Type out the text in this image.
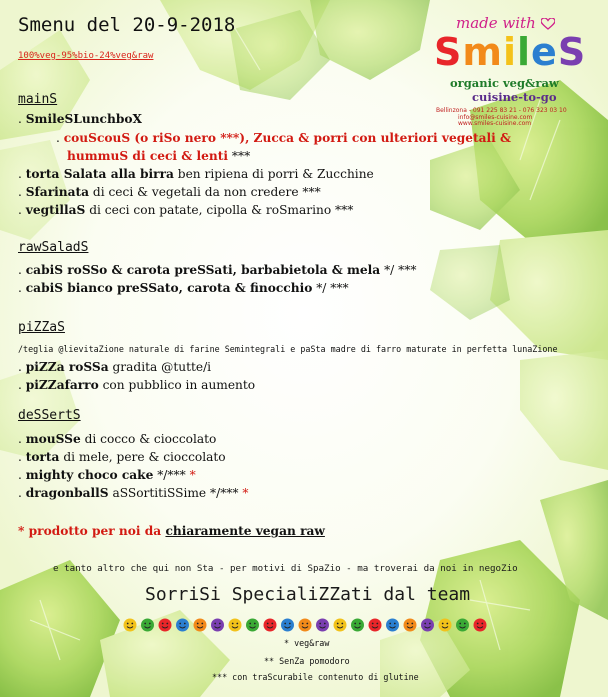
Smenu del 20-9-2018
100%veg-95%bio-24%veg&raw
made with
SmileS
organic veg&raw
cuisine-to-go
Bellinzona - 091 225 83 21 - 076 323 03 10
info@smiles-cuisine.com
www.smiles-cuisine.com
mainS
. SmileSLunchboX
. couScouS (o riSo nero ***), Zucca & porri con ulteriori vegetali &
hummuS di ceci & lenti ***
. torta Salata alla birra ben ripiena di porri & Zucchine
. Sfarinata di ceci & vegetali da non credere ***
. vegtillaS di ceci con patate, cipolla & roSmarino ***
rawSaladS
. cabiS roSSo & carota preSSati, barbabietola & mela */ ***
. cabiS bianco preSSato, carota & finocchio */ ***
piZZaS
/teglia @lievitaZione naturale di farine Semintegrali e paSta madre di farro maturate in perfetta lunaZione
. piZZa roSSa gradita @tutte/i
. piZZafarro con pubblico in aumento
deSSertS
. mouSSe di cocco & cioccolato
. torta di mele, pere & cioccolato
. mighty choco cake */*** *
. dragonballS aSSortitiSSime */*** *
* prodotto per noi da chiaramente vegan raw
e tanto altro che qui non Sta - per motivi di SpaZio - ma troverai da noi in negoZio
SorriSi SpecialiZZati dal team
* veg&raw
** SenZa pomodoro
*** con traScurabile contenuto di glutine
